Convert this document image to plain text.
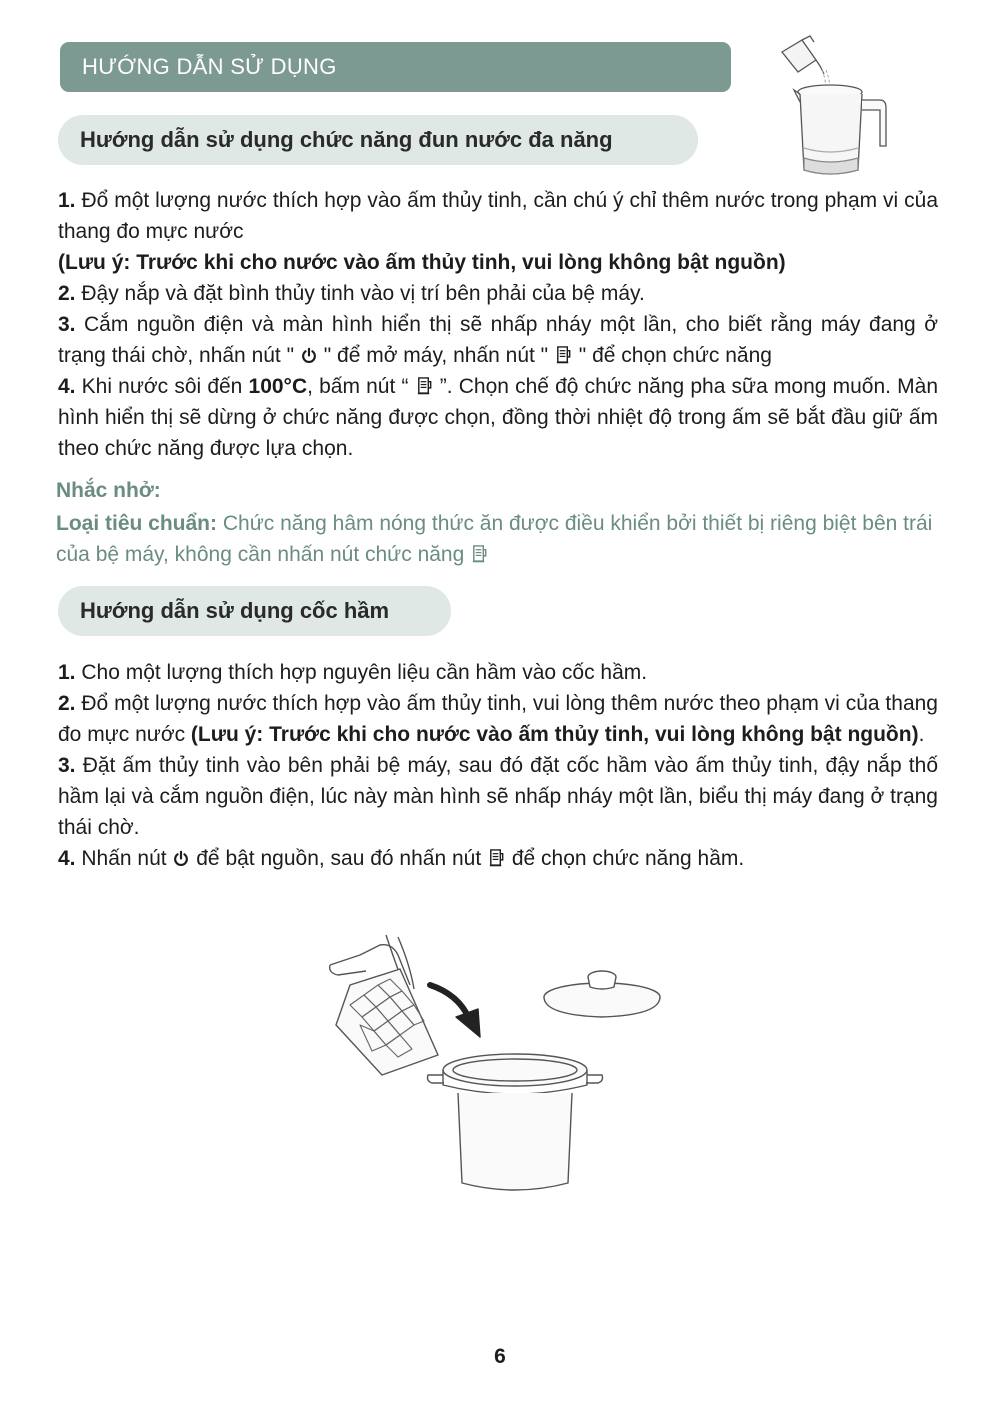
HƯỚNG DẪN SỬ DỤNG
Hướng dẫn sử dụng chức năng đun nước đa năng

1. Đổ một lượng nước thích hợp vào ấm thủy tinh, cần chú ý chỉ thêm nước trong phạm vi của thang đo mực nước

(Lưu ý: Trước khi cho nước vào ấm thủy tinh, vui lòng không bật nguồn)

2. Đậy nắp và đặt bình thủy tinh vào vị trí bên phải của bệ máy.

3. Cắm nguồn điện và màn hình hiển thị sẽ nhấp nháy một lần, cho biết rằng máy đang ở trạng thái chờ, nhấn nút "  " để mở máy, nhấn nút "  " để chọn chức năng

4. Khi nước sôi đến 100°C, bấm nút “  ”. Chọn chế độ chức năng pha sữa mong muốn. Màn hình hiển thị sẽ dừng ở chức năng được chọn, đồng thời nhiệt độ trong ấm sẽ bắt đầu giữ ấm theo chức năng được lựa chọn.

Nhắc nhở:

Loại tiêu chuẩn: Chức năng hâm nóng thức ăn được điều khiển bởi thiết bị riêng biệt bên trái của bệ máy, không cần nhấn nút chức năng

Hướng dẫn sử dụng cốc hầm

1. Cho một lượng thích hợp nguyên liệu cần hầm vào cốc hầm.

2. Đổ một lượng nước thích hợp vào ấm thủy tinh, vui lòng thêm nước theo phạm vi của thang đo mực nước (Lưu ý: Trước khi cho nước vào ấm thủy tinh, vui lòng không bật nguồn).

3. Đặt ấm thủy tinh vào bên phải bệ máy, sau đó đặt cốc hầm vào ấm thủy tinh, đậy nắp thố hầm lại và cắm nguồn điện, lúc này màn hình sẽ nhấp nháy một lần, biểu thị máy đang ở trạng thái chờ.

4. Nhấn nút  để bật nguồn, sau đó nhấn nút  để chọn chức năng hầm.

6
